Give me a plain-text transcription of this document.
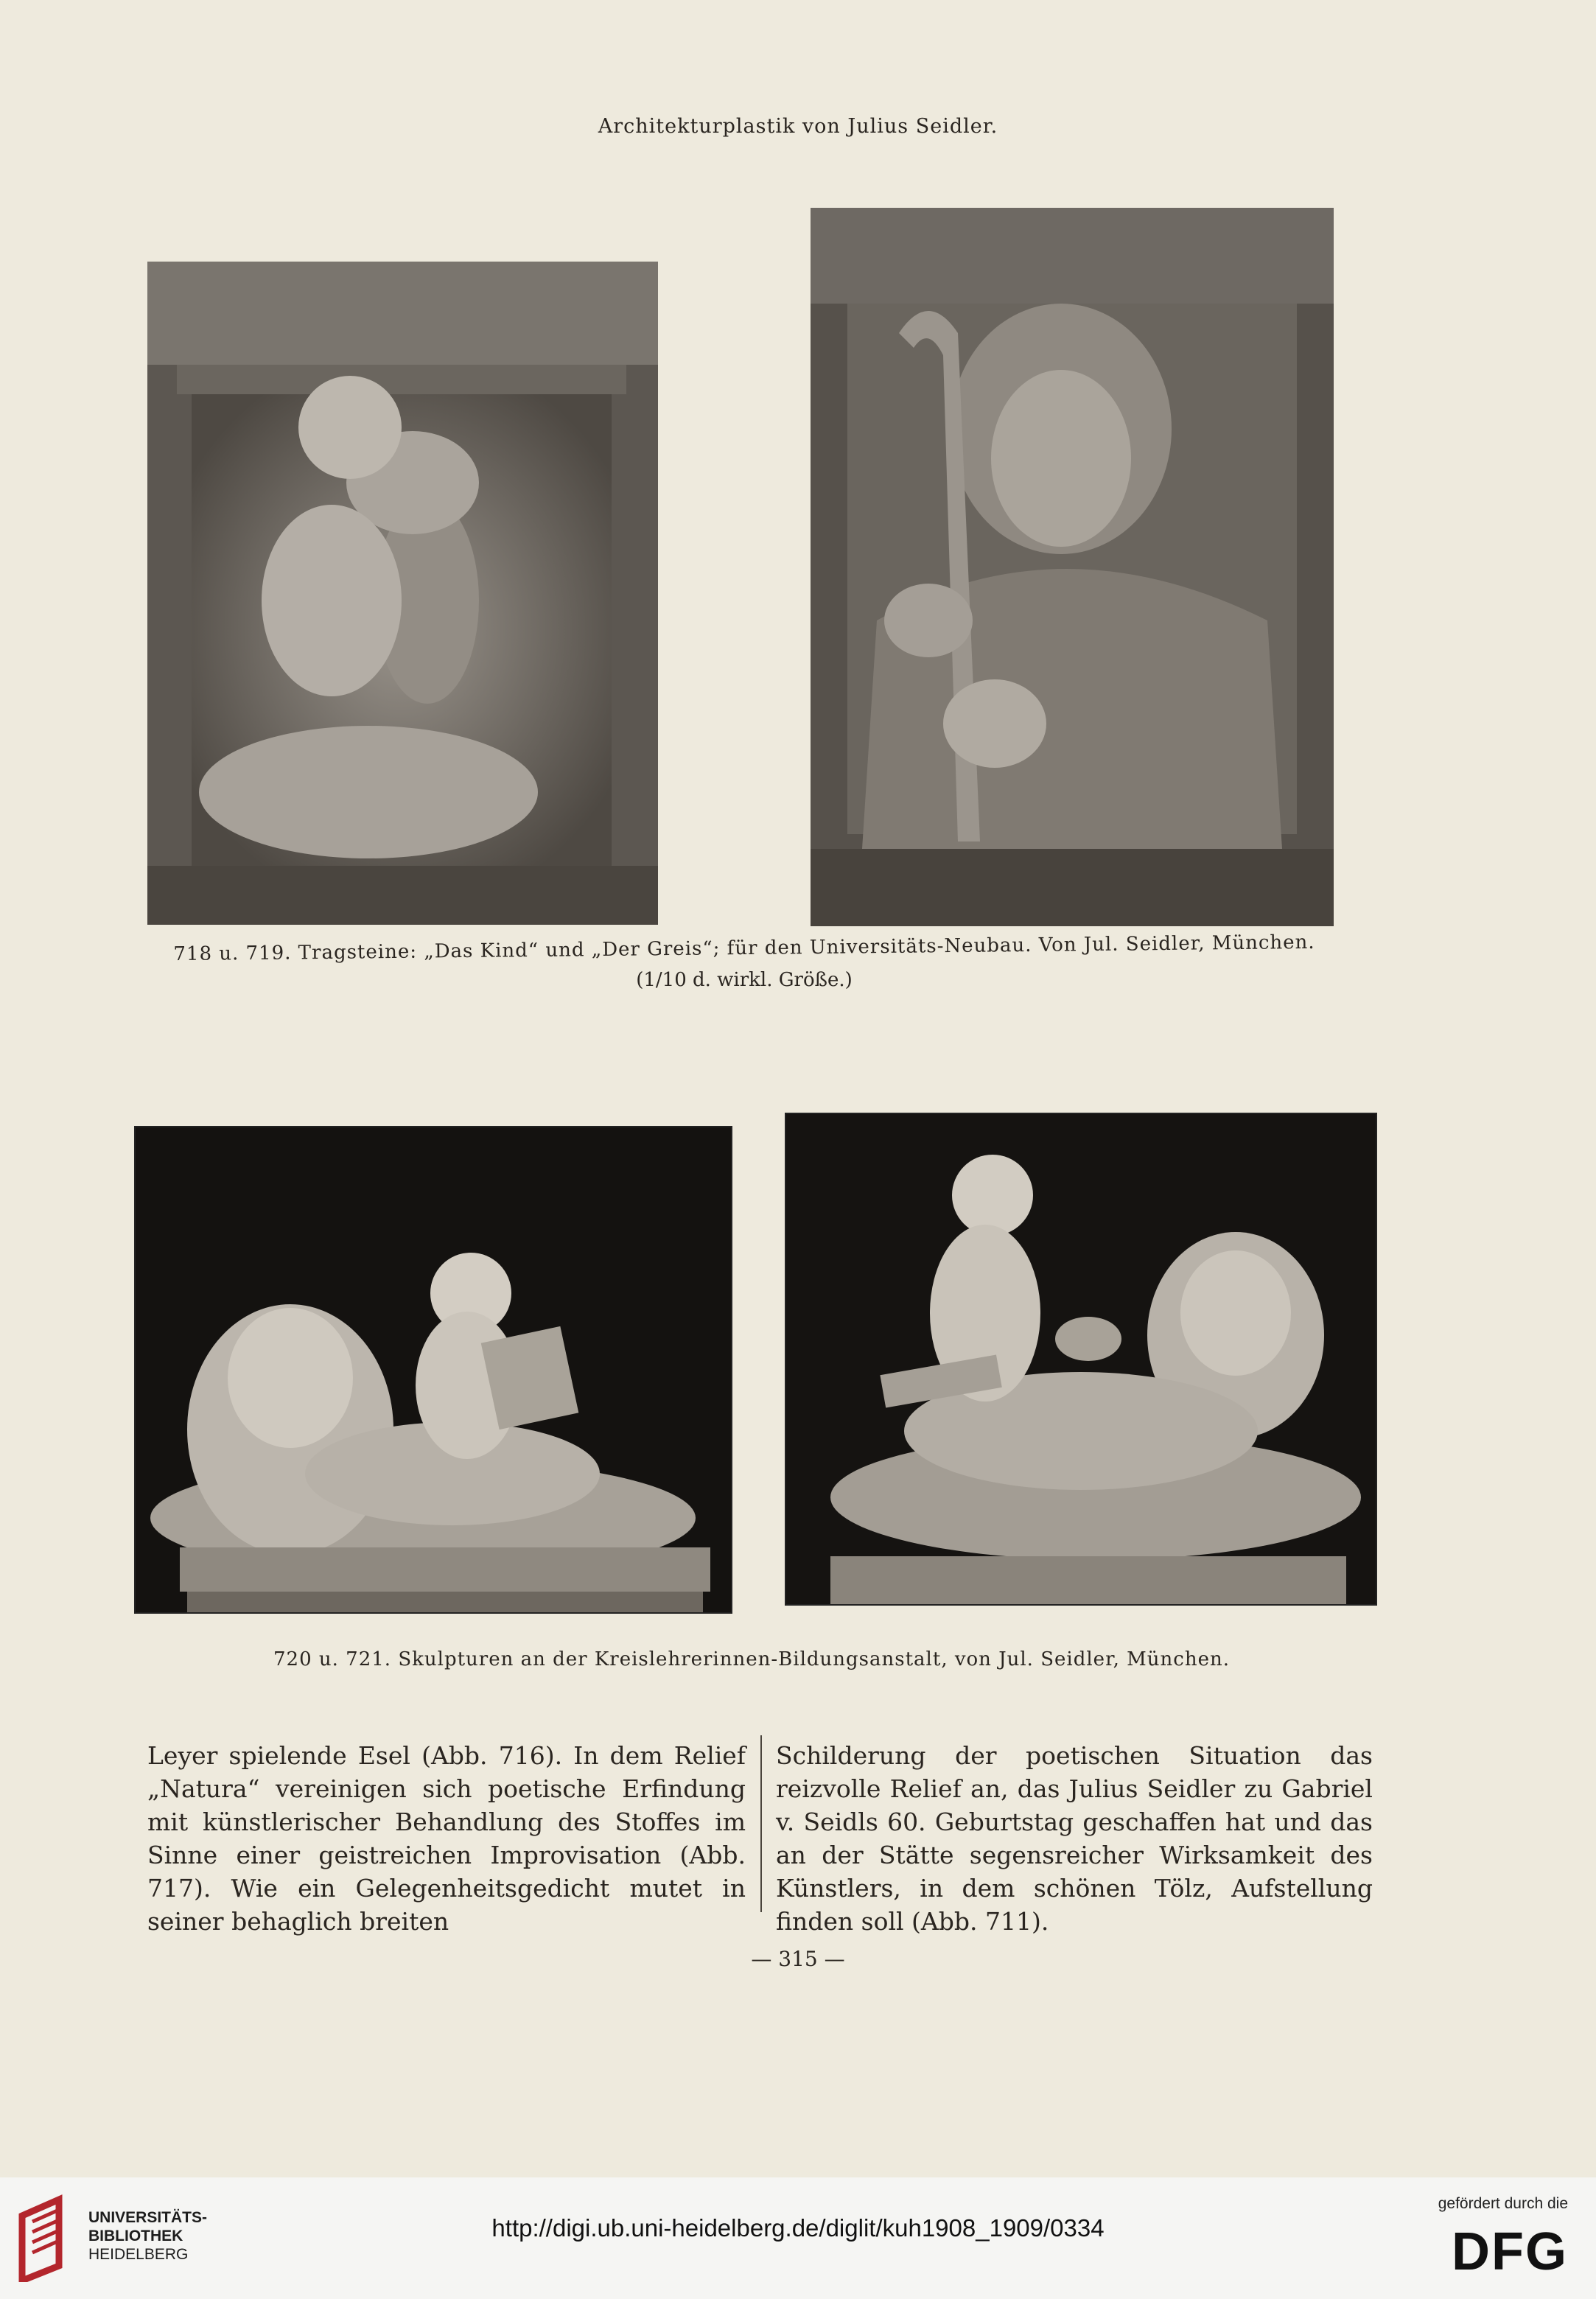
Architekturplastik von Julius Seidler.
718 u. 719. Tragsteine: „Das Kind“ und „Der Greis“; für den Universitäts-Neubau. Von Jul. Seidler, München.
(1/10 d. wirkl. Größe.)
720 u. 721. Skulpturen an der Kreislehrerinnen-Bildungsanstalt, von Jul. Seidler, München.

Leyer spielende Esel (Abb. 716). In dem Relief „Natura“ vereinigen sich poetische Erfindung mit künstlerischer Behandlung des Stoffes im Sinne einer geistreichen Improvisation (Abb. 717). Wie ein Gelegenheitsgedicht mutet in seiner behaglich breiten

Schilderung der poetischen Situation das reizvolle Relief an, das Julius Seidler zu Gabriel v. Seidls 60. Geburtstag geschaffen hat und das an der Stätte segensreicher Wirksamkeit des Künstlers, in dem schönen Tölz, Aufstellung finden soll (Abb. 711).

— 315 —
UNIVERSITÄTS-
BIBLIOTHEK
HEIDELBERG
http://digi.ub.uni-heidelberg.de/diglit/kuh1908_1909/0334
gefördert durch die
DFG
